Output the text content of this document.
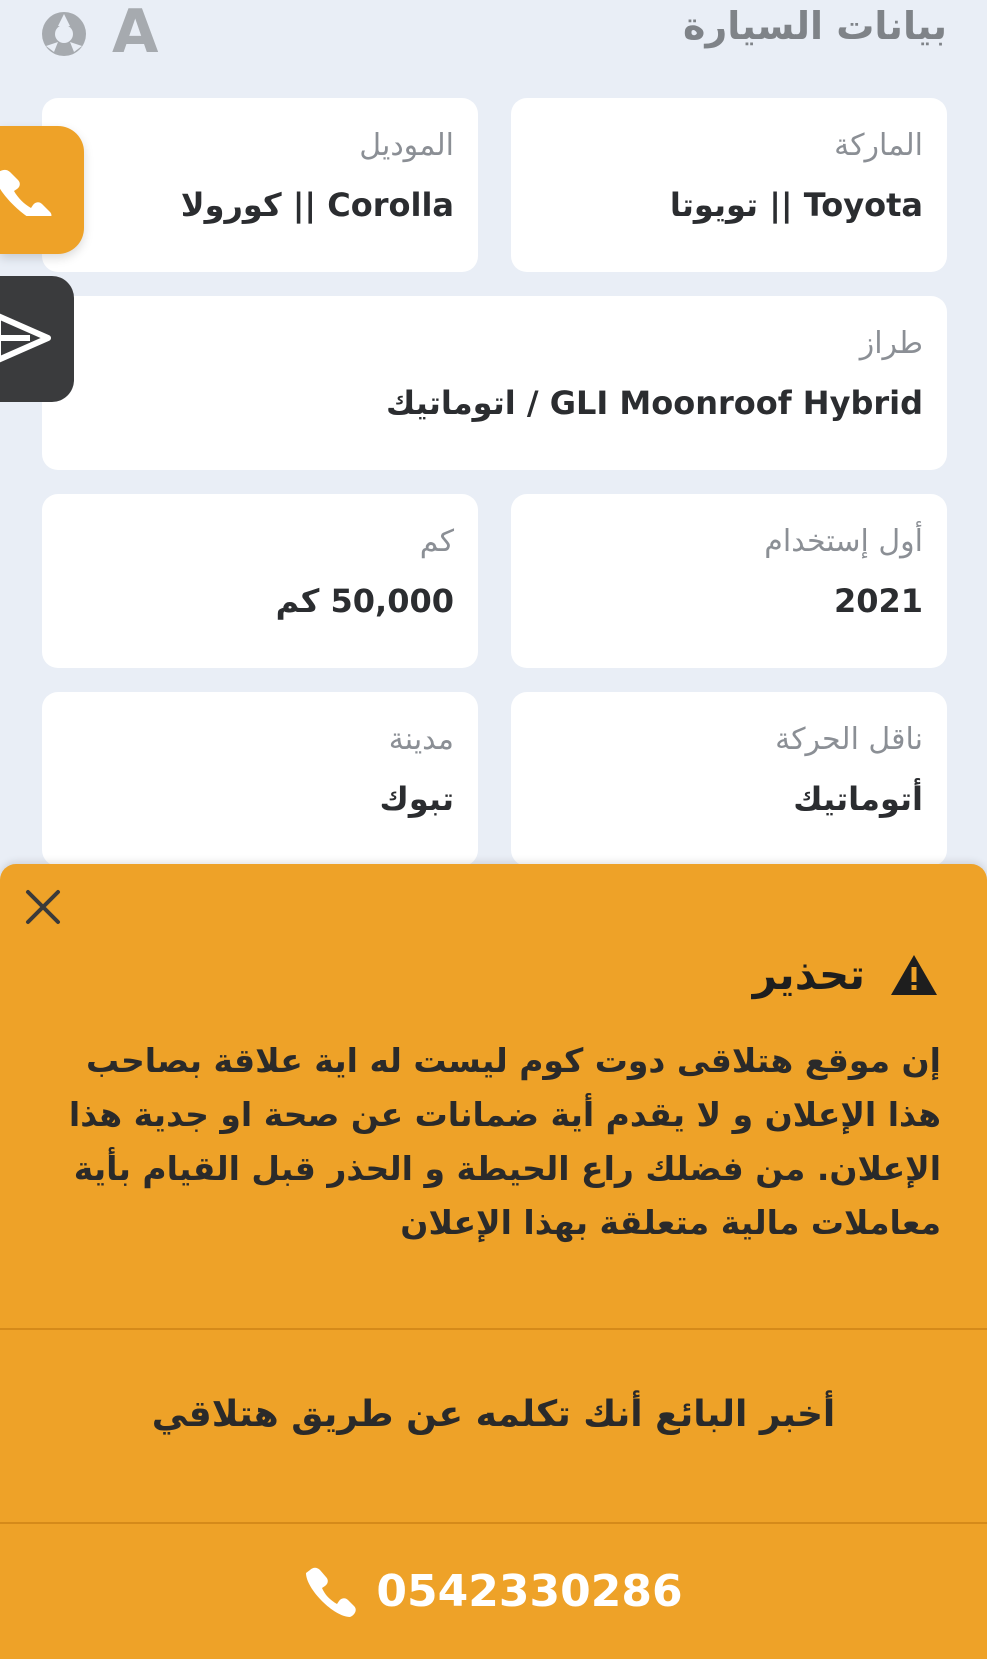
بيانات السيارة
A
الماركة
Toyota || تويوتا
الموديل
Corolla || كورولا
طراز
GLI Moonroof Hybrid / اتوماتيك
أول إستخدام
2021
كم
50,000 كم
ناقل الحركة
أتوماتيك
مدينة
تبوك
تحذير
إن موقع هتلاقى دوت كوم ليست له اية علاقة بصاحب هذا الإعلان و لا يقدم أية ضمانات عن صحة او جدية هذا الإعلان. من فضلك راع الحيطة و الحذر قبل القيام بأية معاملات مالية متعلقة بهذا الإعلان
أخبر البائع أنك تكلمه عن طريق هتلاقي
0542330286
